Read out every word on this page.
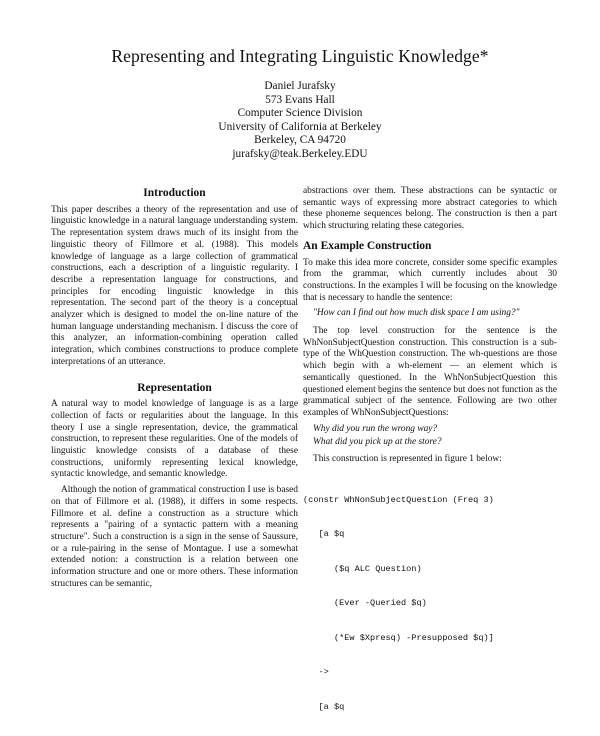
Representing and Integrating Linguistic Knowledge*
Daniel Jurafsky
573 Evans Hall
Computer Science Division
University of California at Berkeley
Berkeley, CA 94720
jurafsky@teak.Berkeley.EDU
Introduction

This paper describes a theory of the representation and use of linguistic knowledge in a natural language understanding system. The representation system draws much of its insight from the linguistic theory of Fillmore et al. (1988). This models knowledge of language as a large collection of grammatical constructions, each a description of a linguistic regularity. I describe a representation language for constructions, and principles for encoding linguistic knowledge in this representation. The second part of the theory is a conceptual analyzer which is designed to model the on-line nature of the human language understanding mechanism. I discuss the core of this analyzer, an information-combining operation called integration, which combines constructions to produce complete interpretations of an utterance.

Representation

A natural way to model knowledge of language is as a large collection of facts or regularities about the language. In this theory I use a single representation, device, the grammatical construction, to represent these regularities. One of the models of linguistic knowledge consists of a database of these constructions, uniformly representing lexical knowledge, syntactic knowledge, and semantic knowledge.

Although the notion of grammatical construction I use is based on that of Fillmore et al. (1988), it differs in some respects. Fillmore et al. define a construction as a structure which represents a "pairing of a syntactic pattern with a meaning structure". Such a construction is a sign in the sense of Saussure, or a rule-pairing in the sense of Montague. I use a somewhat extended notion: a construction is a relation between one information structure and one or more others. These information structures can be semantic,

abstractions over them. These abstractions can be syntactic or semantic ways of expressing more abstract categories to which these phoneme sequences belong. The construction is then a part which structuring relating these categories.

An Example Construction

To make this idea more concrete, consider some specific examples from the grammar, which currently includes about 30 constructions. In the examples I will be focusing on the knowledge that is necessary to handle the sentence:

"How can I find out how much disk space I am using?"

The top level construction for the sentence is the WhNonSubjectQuestion construction. This construction is a sub-type of the WhQuestion construction. The wh-questions are those which begin with a wh-element — an element which is semantically questioned. In the WhNonSubjectQuestion this questioned element begins the sentence but does not function as the grammatical subject of the sentence. Following are two other examples of WhNonSubjectQuestions:

Why did you run the wrong way?
What did you pick up at the store?

This construction is represented in figure 1 below:

(constr WhNonSubjectQuestion (Freq 3)

[a $q

($q ALC Question)

(Ever -Queried $q)

(*Ew $Xpresq) -Presupposed $q)]

->

[a $q
